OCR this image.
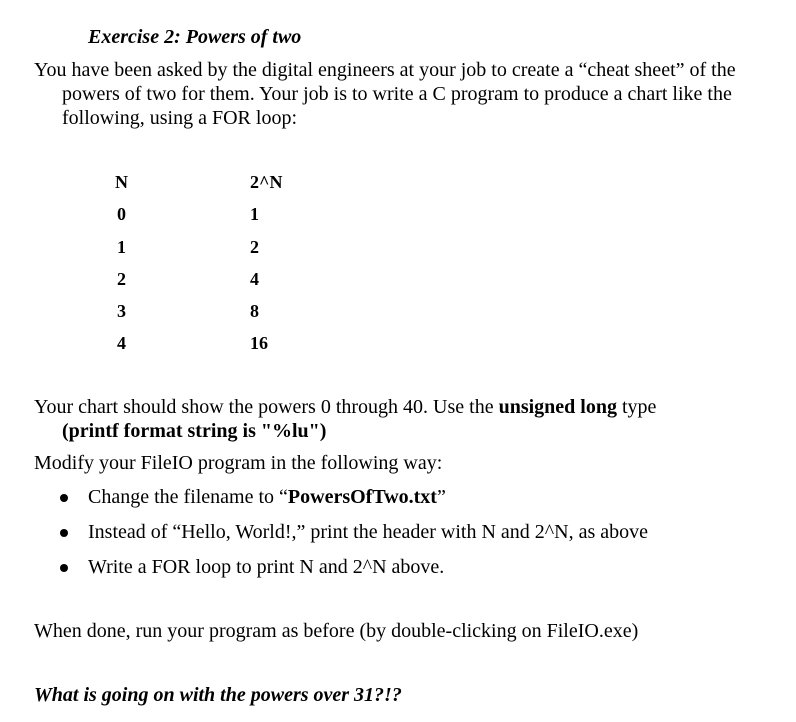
Exercise 2: Powers of two

You have been asked by the digital engineers at your job to create a “cheat sheet” of the
powers of two for them. Your job is to write a C program to produce a chart like the
following, using a FOR loop:

N	2^N
0	1
1	2
2	4
3	8
4	16

Your chart should show the powers 0 through 40. Use the unsigned long type
(printf format string is "%lu")

Modify your FileIO program in the following way:

Change the filename to “PowersOfTwo.txt”
Instead of “Hello, World!,” print the header with N and 2^N, as above
Write a FOR loop to print N and 2^N above.

When done, run your program as before (by double-clicking on FileIO.exe)

What is going on with the powers over 31?!?
